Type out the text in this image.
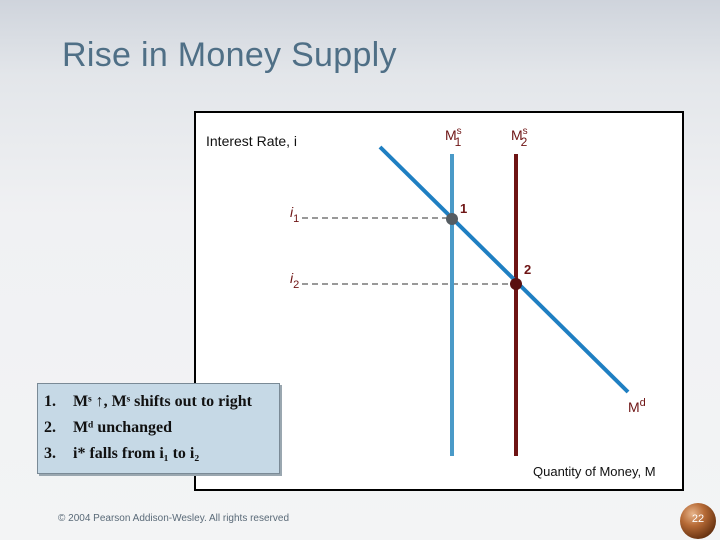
Rise in Money Supply
Interest Rate, i	$M^s$ 1	$M^s$ 2
$i_1$
$i_2$
1
2
$M^d$
Quantity of Money, M
1. Mˢ ↑, Mˢ shifts out to right
2. Mᵈ unchanged
3. i* falls from i₁ to i₂
© 2004 Pearson Addison-Wesley. All rights reserved	22
